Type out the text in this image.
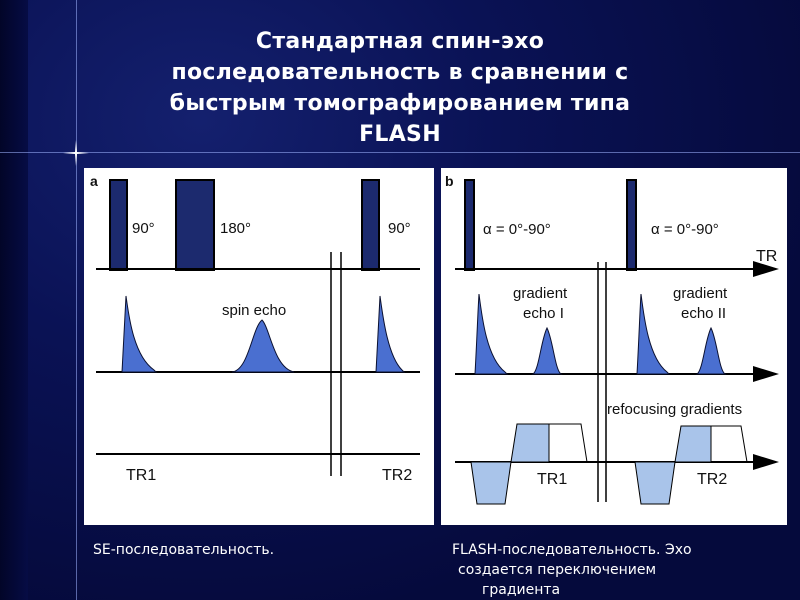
Стандартная спин-эхо
последовательность в сравнении с
быстрым томографированием типа
FLASH
a
90°	180°	90°
spin echo
TR1	TR2
b
α = 0°-90°	α = 0°-90°
TR
gradient
echo I
gradient
echo II
refocusing gradients
TR1	TR2
SE-последовательность.	FLASH-последовательность. Эхо
создается переключением
градиента
